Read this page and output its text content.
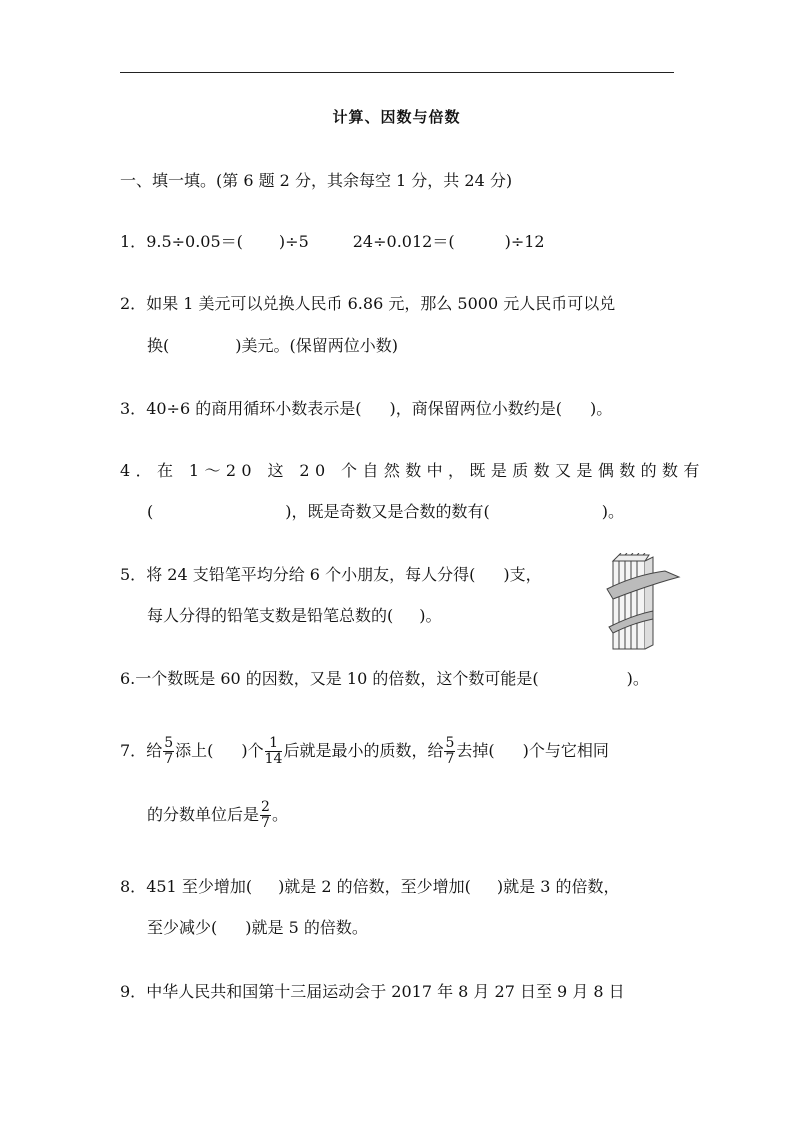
计算、因数与倍数
一、填一填。(第 6 题 2 分，其余每空 1 分，共 24 分)
1．9.5÷0.05＝( )÷5	24÷0.012＝(	)÷12
2．如果 1 美元可以兑换人民币 6.86 元，那么 5000 元人民币可以兑
换(	)美元。(保留两位小数)
3．40÷6 的商用循环小数表示是( )，商保留两位小数约是( )。
4．在 1～20 这 20 个自然数中，既是质数又是偶数的数有
(	)，既是奇数又是合数的数有(	)。
5．将 24 支铅笔平均分给 6 个小朋友，每人分得( )支，
每人分得的铅笔支数是铅笔总数的( )。
6.一个数既是 60 的因数，又是 10 的倍数，这个数可能是(	)。
7．给 $\frac{5}{7}$ 添上( )个 $\frac{1}{14}$ 后就是最小的质数，给 $\frac{5}{7}$ 去掉( )个与它相同
的分数单位后是 $\frac{2}{7}$ 。
8．451 至少增加( )就是 2 的倍数，至少增加( )就是 3 的倍数，
至少减少( )就是 5 的倍数。
9．中华人民共和国第十三届运动会于 2017 年 8 月 27 日至 9 月 8 日
